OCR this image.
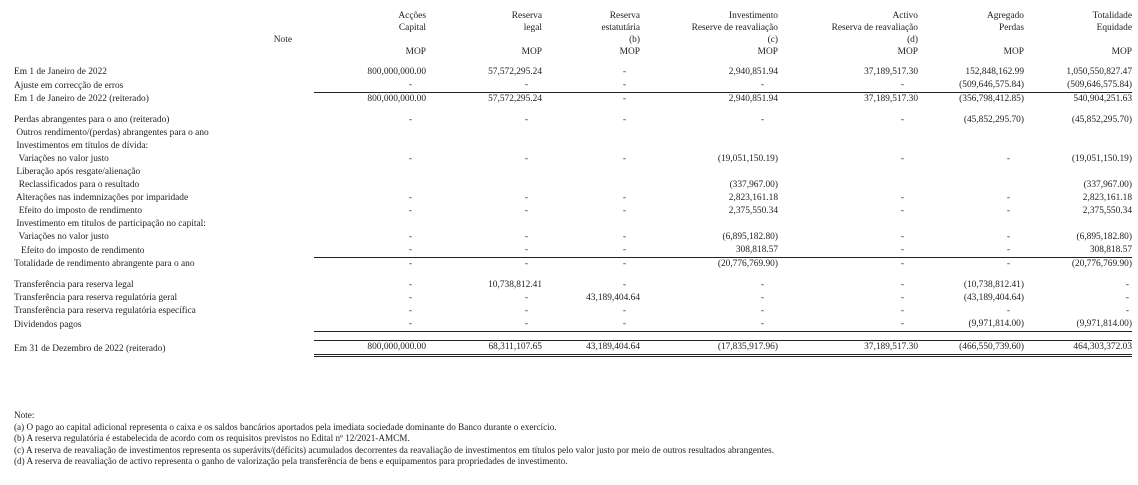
	Acções	Reserva	Reserva	Investimento	Activo	Agregado	Totalidade
	Capital	legal	estatutária	Reserve de reavaliação	Reserva de reavaliação	Perdas	Equidade
Note			(b)	(c)	(d)		
	MOP	MOP	MOP	MOP	MOP	MOP	MOP

Em 1 de Janeiro de 2022	800,000,000.00	57,572,295.24	-	2,940,851.94	37,189,517.30	152,848,162.99	1,050,550,827.47
Ajuste em correcção de erros	-	-	-	-	-	(509,646,575.84)	(509,646,575.84)
Em 1 de Janeiro de 2022 (reiterado)	800,000,000.00	57,572,295.24	-	2,940,851.94	37,189,517.30	(356,798,412.85)	540,904,251.63

Perdas abrangentes para o ano (reiterado)	-	-	-	-	-	(45,852,295.70)	(45,852,295.70)
Outros rendimento/(perdas) abrangentes para o ano							
Investimentos em títulos de dívida:							
Variações no valor justo	-	-	-	(19,051,150.19)	-	-	(19,051,150.19)
Liberação após resgate/alienação							
Reclassificados para o resultado				(337,967.00)			(337,967.00)
Alterações nas indemnizações por imparidade	-	-	-	2,823,161.18	-	-	2,823,161.18
Efeito do imposto de rendimento	-	-	-	2,375,550.34	-	-	2,375,550.34
Investimento em títulos de participação no capital:							
Variações no valor justo	-	-	-	(6,895,182.80)	-	-	(6,895,182.80)
Efeito do imposto de rendimento	-	-	-	308,818.57	-	-	308,818.57
Totalidade de rendimento abrangente para o ano	-	-	-	(20,776,769.90)	-	-	(20,776,769.90)

Transferência para reserva legal	-	10,738,812.41	-	-	-	(10,738,812.41)	-
Transferência para reserva regulatória geral	-	-	43,189,404.64	-	-	(43,189,404.64)	-
Transferência para reserva regulatória específica	-	-	-	-	-	-	-
Dividendos pagos	-	-	-	-	-	(9,971,814.00)	(9,971,814.00)

Em 31 de Dezembro de 2022 (reiterado)	800,000,000.00	68,311,107.65	43,189,404.64	(17,835,917.96)	37,189,517.30	(466,550,739.60)	464,303,372.03
Note:
(a) O pago ao capital adicional representa o caixa e os saldos bancários aportados pela imediata sociedade dominante do Banco durante o exercício.
(b) A reserva regulatória é estabelecida de acordo com os requisitos previstos no Edital nº 12/2021-AMCM.
(c) A reserva de reavaliação de investimentos representa os superávits/(défícits) acumulados decorrentes da reavaliação de investimentos em títulos pelo valor justo por meio de outros resultados abrangentes.
(d) A reserva de reavaliação de activo representa o ganho de valorização pela transferência de bens e equipamentos para propriedades de investimento.
